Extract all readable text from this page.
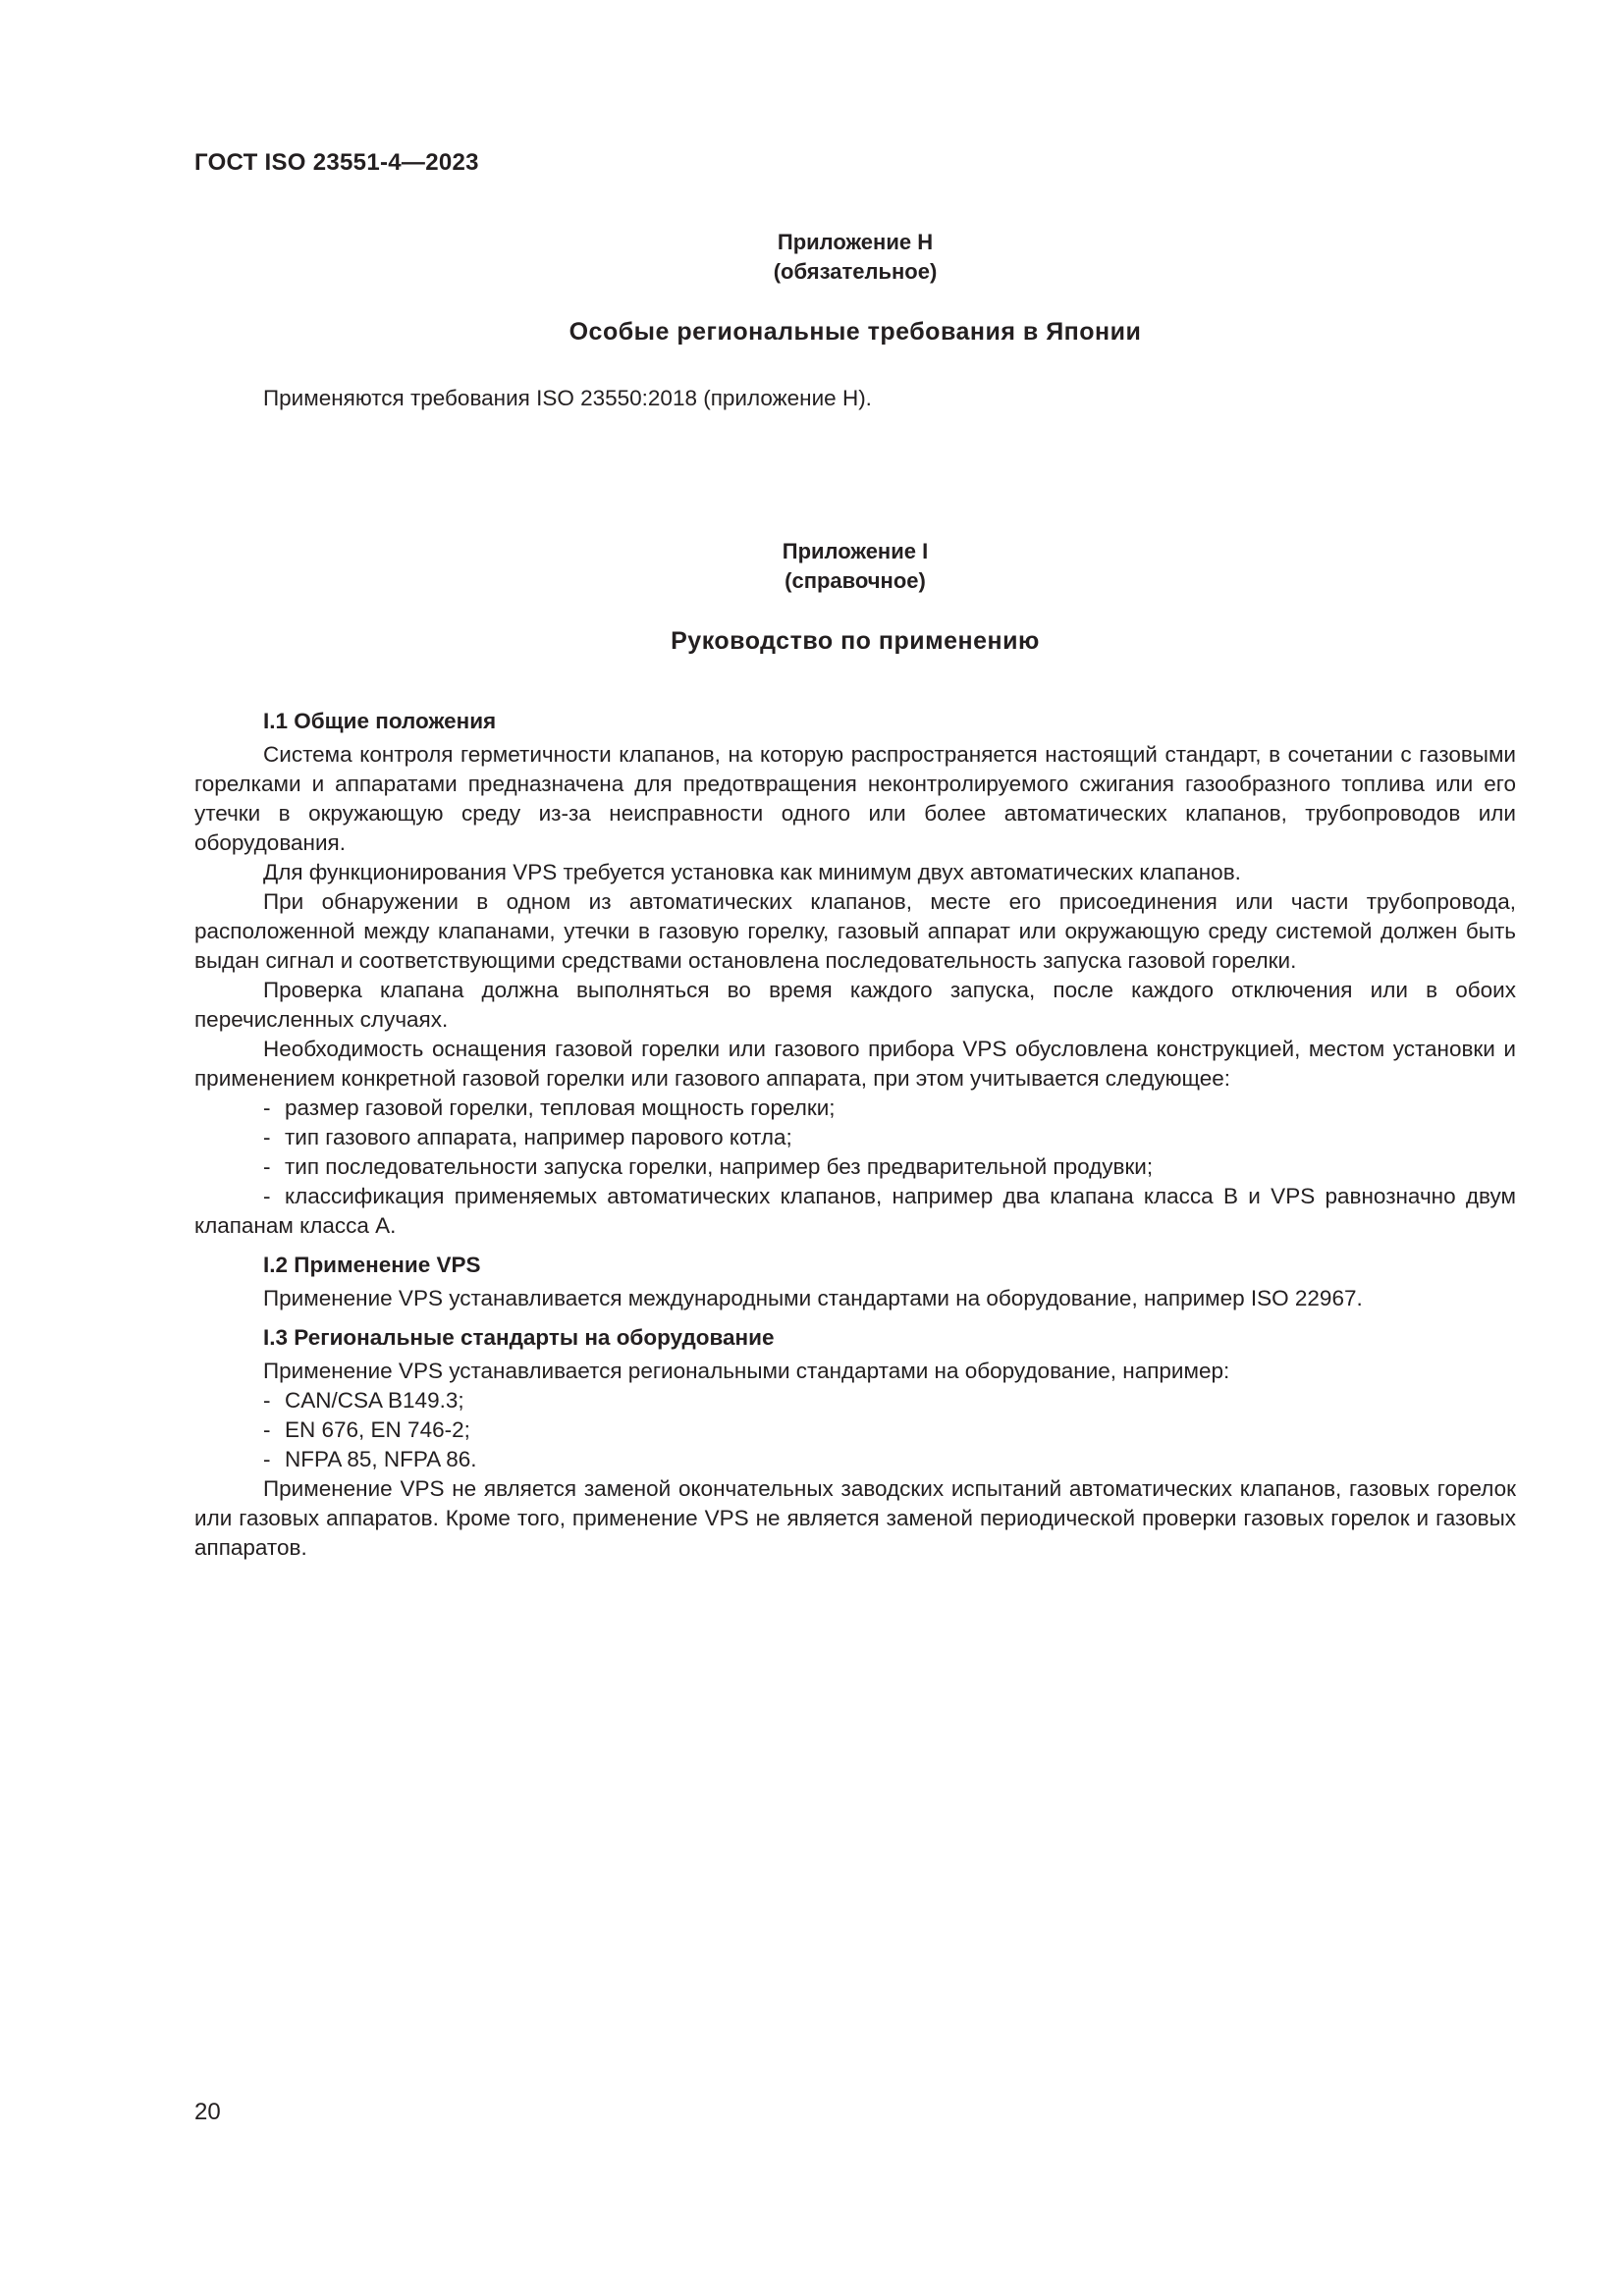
ГОСТ ISO 23551-4—2023
Приложение Н
(обязательное)
Особые региональные требования в Японии

Применяются требования ISO 23550:2018 (приложение Н).

Приложение I
(справочное)
Руководство по применению

I.1 Общие положения

Система контроля герметичности клапанов, на которую распространяется настоящий стандарт, в сочетании с газовыми горелками и аппаратами предназначена для предотвращения неконтролируемого сжигания газообразного топлива или его утечки в окружающую среду из-за неисправности одного или более автоматических клапанов, трубопроводов или оборудования.

Для функционирования VPS требуется установка как минимум двух автоматических клапанов.

При обнаружении в одном из автоматических клапанов, месте его присоединения или части трубопровода, расположенной между клапанами, утечки в газовую горелку, газовый аппарат или окружающую среду системой должен быть выдан сигнал и соответствующими средствами остановлена последовательность запуска газовой горелки.

Проверка клапана должна выполняться во время каждого запуска, после каждого отключения или в обоих перечисленных случаях.

Необходимость оснащения газовой горелки или газового прибора VPS обусловлена конструкцией, местом установки и применением конкретной газовой горелки или газового аппарата, при этом учитывается следующее:

- размер газовой горелки, тепловая мощность горелки;

- тип газового аппарата, например парового котла;

- тип последовательности запуска горелки, например без предварительной продувки;

- классификация применяемых автоматических клапанов, например два клапана класса В и VPS равнозначно двум клапанам класса А.

I.2 Применение VPS

Применение VPS устанавливается международными стандартами на оборудование, например ISO 22967.

I.3 Региональные стандарты на оборудование

Применение VPS устанавливается региональными стандартами на оборудование, например:

- CAN/CSA B149.3;

- EN 676, EN 746-2;

- NFPA 85, NFPA 86.

Применение VPS не является заменой окончательных заводских испытаний автоматических клапанов, газовых горелок или газовых аппаратов. Кроме того, применение VPS не является заменой периодической проверки газовых горелок и газовых аппаратов.

20
